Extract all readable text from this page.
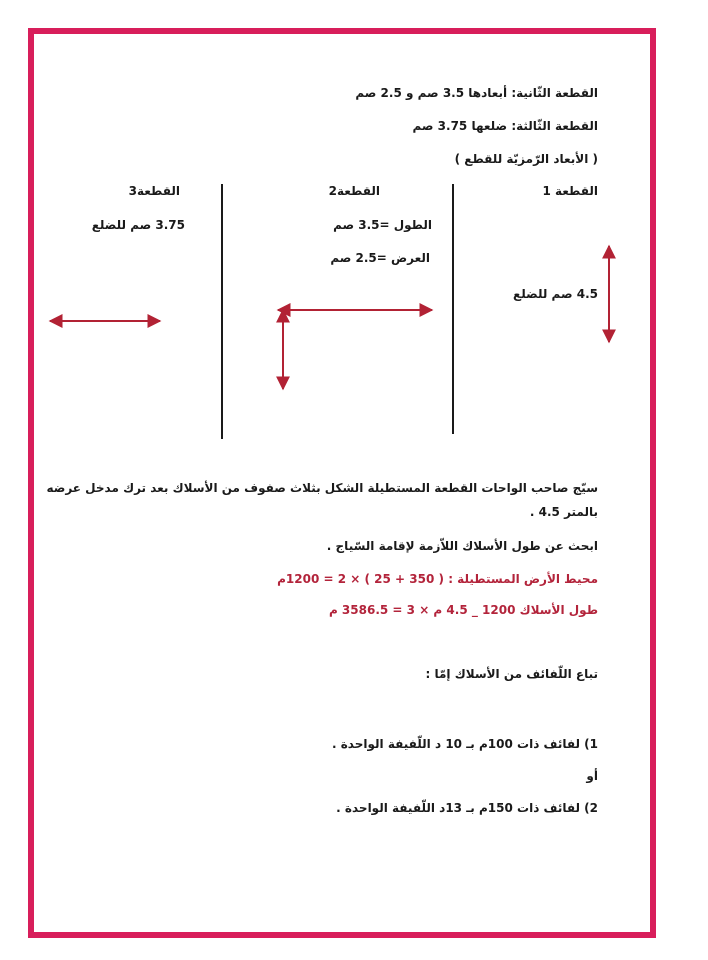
القطعة الثّانية: أبعادها 3.5 صم و 2.5 صم
القطعة الثّالثة: ضلعها 3.75 صم
( الأبعاد الرّمزيّة للقطع )
القطعة 1
القطعة2
القطعة3
3.75 صم للضلع	الطول =3.5 صم
العرض =2.5 صم
4.5 صم للضلع
سيّج صاحب الواحات القطعة المستطيلة الشكل بثلاث صفوف من الأسلاك بعد ترك مدخل عرضه
بالمتر 4.5 .
ابحث عن طول الأسلاك اللاّزمة لإقامة السّياج .
محيط الأرض المستطيلة : ( 350 + 25 ) × 2 = 1200م
طول الأسلاك 1200 _ 4.5 م × 3 = 3586.5 م
تباع اللّفائف من الأسلاك إمّا :
1) لفائف ذات 100م بـ 10 د اللّفيفة الواحدة .
أو
2) لفائف ذات 150م بـ 13د اللّفيفة الواحدة .
